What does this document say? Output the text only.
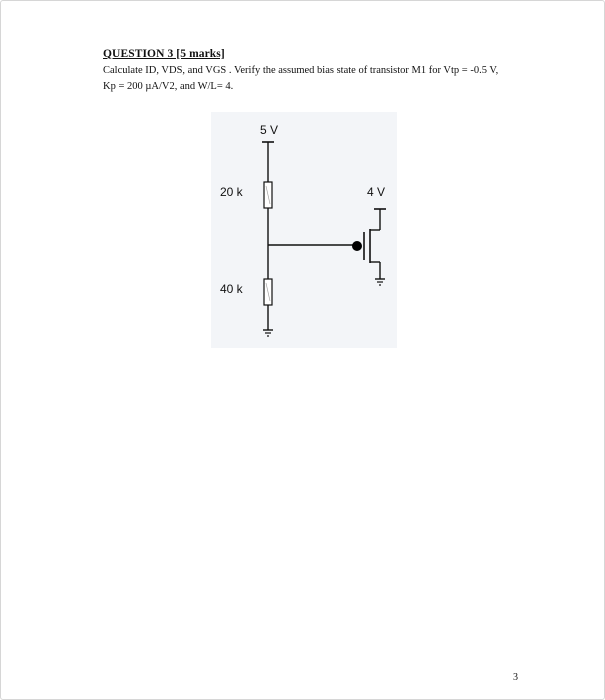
QUESTION 3 [5 marks]
Calculate ID, VDS, and VGS . Verify the assumed bias state of transistor M1 for Vtp = -0.5 V,
Kp = 200 µA/V2, and W/L= 4.
5 V
20 k	4 V
40 k
3
